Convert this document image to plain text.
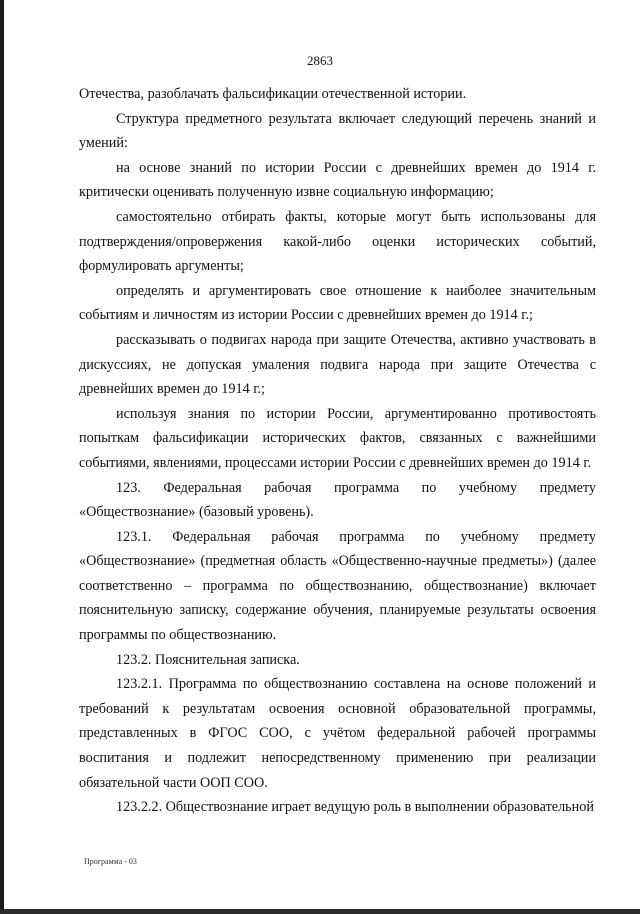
2863

Отечества, разоблачать фальсификации отечественной истории.

Структура предметного результата включает следующий перечень знаний и умений:

на основе знаний по истории России с древнейших времен до 1914 г. критически оценивать полученную извне социальную информацию;

самостоятельно отбирать факты, которые могут быть использованы для подтверждения/опровержения какой-либо оценки исторических событий, формулировать аргументы;

определять и аргументировать свое отношение к наиболее значительным событиям и личностям из истории России с древнейших времен до 1914 г.;

рассказывать о подвигах народа при защите Отечества, активно участвовать в дискуссиях, не допуская умаления подвига народа при защите Отечества с древнейших времен до 1914 г.;

используя знания по истории России, аргументированно противостоять попыткам фальсификации исторических фактов, связанных с важнейшими событиями, явлениями, процессами истории России с древнейших времен до 1914 г.

123. Федеральная рабочая программа по учебному предмету «Обществознание» (базовый уровень).

123.1. Федеральная рабочая программа по учебному предмету «Обществознание» (предметная область «Общественно-научные предметы») (далее соответственно – программа по обществознанию, обществознание) включает пояснительную записку, содержание обучения, планируемые результаты освоения программы по обществознанию.

123.2. Пояснительная записка.

123.2.1. Программа по обществознанию составлена на основе положений и требований к результатам освоения основной образовательной программы, представленных в ФГОС СОО, с учётом федеральной рабочей программы воспитания и подлежит непосредственному применению при реализации обязательной части ООП СОО.

123.2.2. Обществознание играет ведущую роль в выполнении образовательной

Программа - 03
